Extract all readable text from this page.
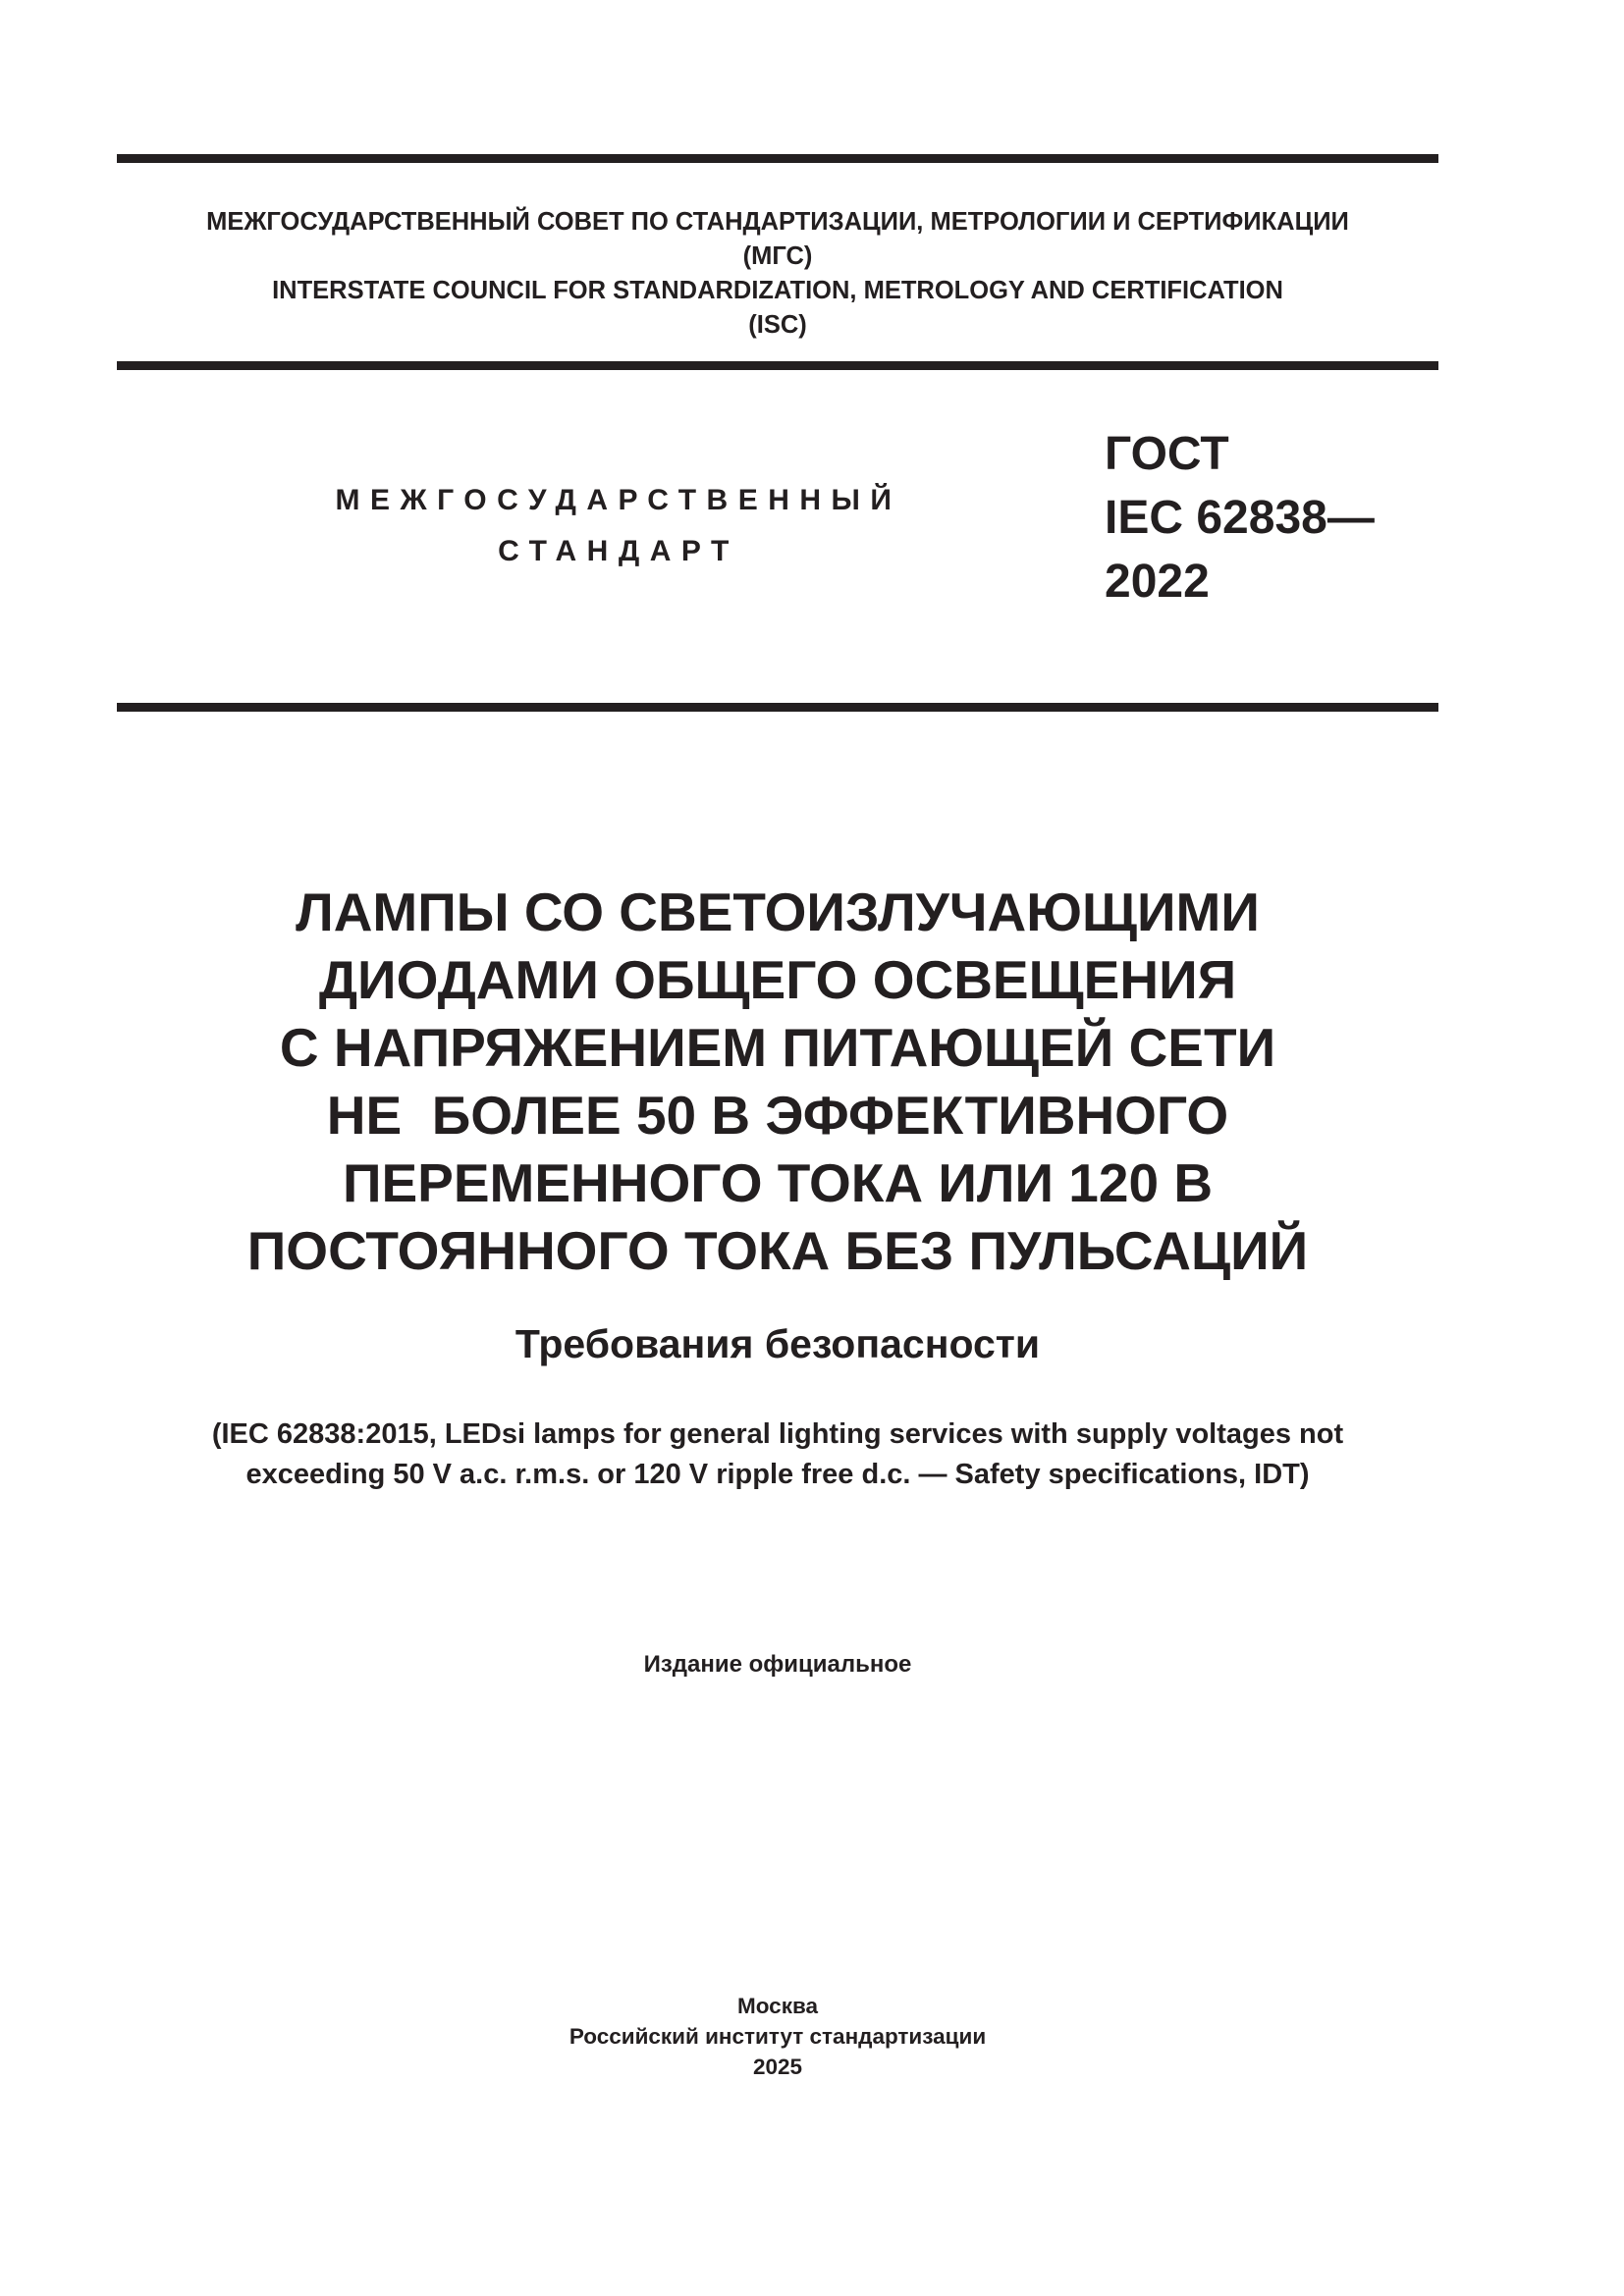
МЕЖГОСУДАРСТВЕННЫЙ СОВЕТ ПО СТАНДАРТИЗАЦИИ, МЕТРОЛОГИИ И СЕРТИФИКАЦИИ
(МГС)
INTERSTATE COUNCIL FOR STANDARDIZATION, METROLOGY AND CERTIFICATION
(ISC)
МЕЖГОСУДАРСТВЕННЫЙ
СТАНДАРТ
ГОСТ
IEC 62838—
2022
ЛАМПЫ СО СВЕТОИЗЛУЧАЮЩИМИ
ДИОДАМИ ОБЩЕГО ОСВЕЩЕНИЯ
С НАПРЯЖЕНИЕМ ПИТАЮЩЕЙ СЕТИ
НЕ  БОЛЕЕ 50 В ЭФФЕКТИВНОГО
ПЕРЕМЕННОГО ТОКА ИЛИ 120 В
ПОСТОЯННОГО ТОКА БЕЗ ПУЛЬСАЦИЙ
Требования безопасности
(IEC 62838:2015, LEDsi lamps for general lighting services with supply voltages not
exceeding 50 V a.c. r.m.s. or 120 V ripple free d.c. — Safety specifications, IDT)
Издание официальное
Москва
Российский институт стандартизации
2025
